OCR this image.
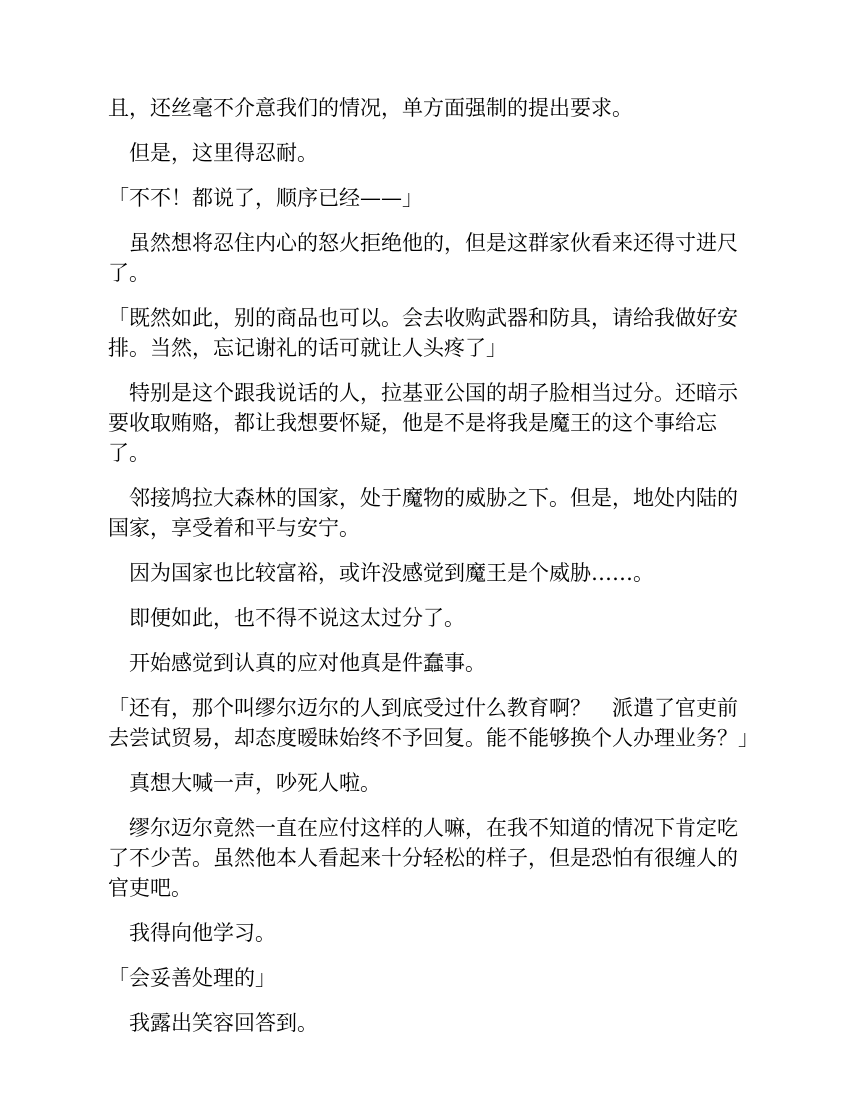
且，还丝毫不介意我们的情况，单方面强制的提出要求。

　但是，这里得忍耐。

「不不！都说了，顺序已经——」

　虽然想将忍住内心的怒火拒绝他的，但是这群家伙看来还得寸进尺了。

「既然如此，别的商品也可以。会去收购武器和防具，请给我做好安排。当然，忘记谢礼的话可就让人头疼了」

　特别是这个跟我说话的人，拉基亚公国的胡子脸相当过分。还暗示要收取贿赂，都让我想要怀疑，他是不是将我是魔王的这个事给忘了。

　邻接鸠拉大森林的国家，处于魔物的威胁之下。但是，地处内陆的国家，享受着和平与安宁。

　因为国家也比较富裕，或许没感觉到魔王是个威胁……。

　即便如此，也不得不说这太过分了。

　开始感觉到认真的应对他真是件蠢事。

「还有，那个叫缪尔迈尔的人到底受过什么教育啊？　派遣了官吏前去尝试贸易，却态度暧昧始终不予回复。能不能够换个人办理业务？」

　真想大喊一声，吵死人啦。

　缪尔迈尔竟然一直在应付这样的人嘛，在我不知道的情况下肯定吃了不少苦。虽然他本人看起来十分轻松的样子，但是恐怕有很缠人的官吏吧。

　我得向他学习。

「会妥善处理的」

　我露出笑容回答到。
